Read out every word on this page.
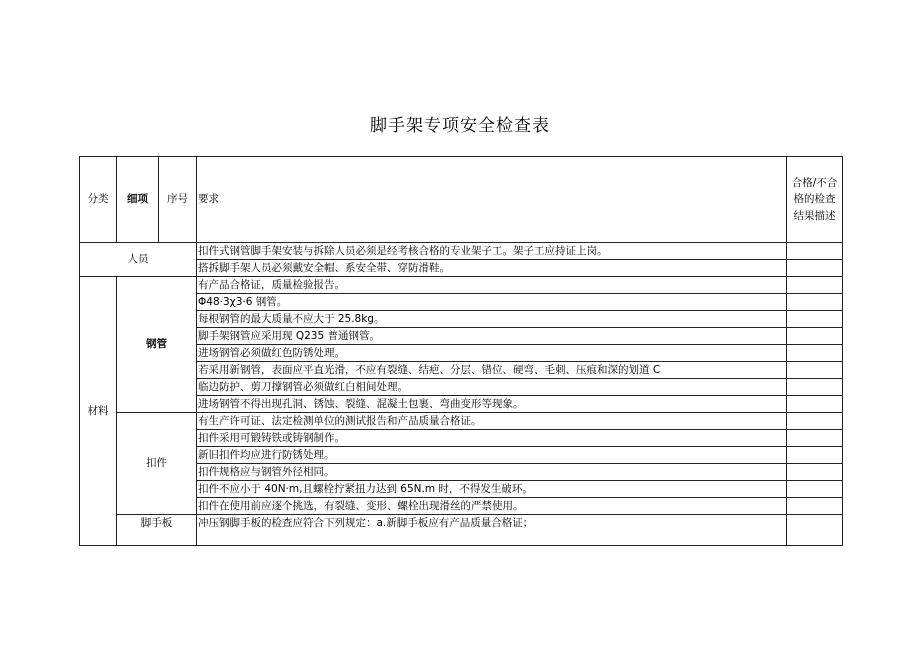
脚手架专项安全检查表
分类	细项	序号	要求	合格/不合格的检查结果描述
人员			扣件式钢管脚手架安装与拆除人员必须是经考核合格的专业架子工。架子工应持证上岗。	
			搭拆脚手架人员必须戴安全帽、系安全带、穿防滑鞋。	
材料	钢管		有产品合格证，质量检验报告。	
			Φ48·3χ3·6 钢管。	
			每根钢管的最大质量不应大于 25.8kg。	
			脚手架钢管应采用现 Q235 普通钢管。	
			进场钢管必须做红色防锈处理。	
			若采用新钢管，表面应平直光滑，不应有裂缝、结疤、分层、错位、硬弯、毛刺、压痕和深的划道 C	
			临边防护、剪刀撑钢管必须做红白相间处理。	
			进场钢管不得出现孔洞、锈蚀、裂缝、混凝土包裹、弯曲变形等现象。	
	扣件		有生产许可证、法定检测单位的测试报告和产品质量合格证。	
			扣件采用可锻铸铁或铸钢制作。	
			新旧扣件均应进行防锈处理。	
			扣件规格应与钢管外径相同。	
			扣件不应小于 40N·m,且螺栓拧紧扭力达到 65N.m 时，不得发生破环。	
			扣件在使用前应逐个挑选，有裂缝、变形、螺栓出现滑丝的严禁使用。	
	脚手板		冲压钢脚手板的检查应符合下列规定：a.新脚手板应有产品质量合格证；	
